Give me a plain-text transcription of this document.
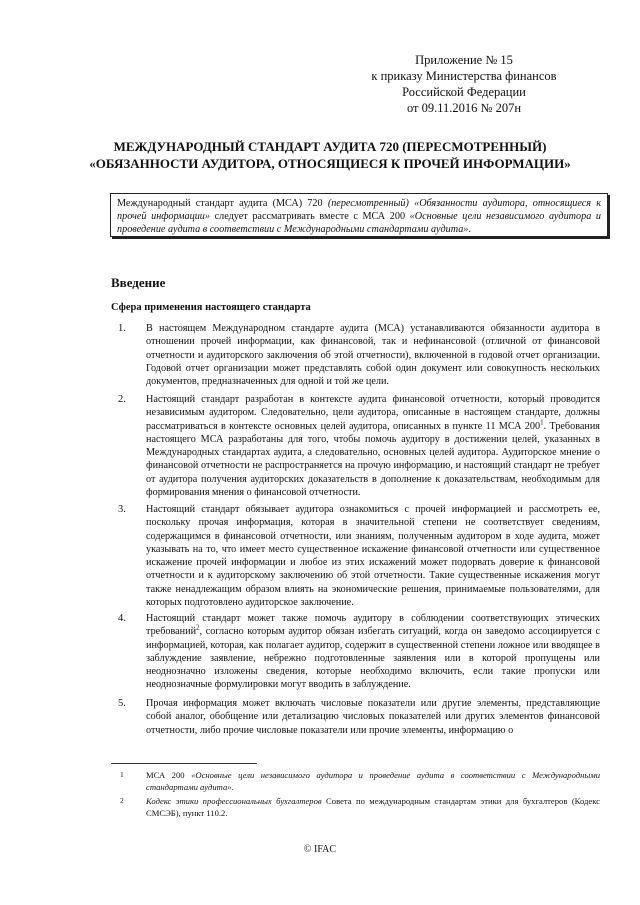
Приложение № 15
к приказу Министерства финансов
Российской Федерации
от 09.11.2016 № 207н
МЕЖДУНАРОДНЫЙ СТАНДАРТ АУДИТА 720 (ПЕРЕСМОТРЕННЫЙ)
«ОБЯЗАННОСТИ АУДИТОРА, ОТНОСЯЩИЕСЯ К ПРОЧЕЙ ИНФОРМАЦИИ»
Международный стандарт аудита (МСА) 720 (пересмотренный) «Обязанности аудитора, относящиеся к прочей информации» следует рассматривать вместе с МСА 200 «Основные цели независимого аудитора и проведение аудита в соответствии с Международными стандартами аудита».
Введение
Сфера применения настоящего стандарта
1. В настоящем Международном стандарте аудита (МСА) устанавливаются обязанности аудитора в отношении прочей информации, как финансовой, так и нефинансовой (отличной от финансовой отчетности и аудиторского заключения об этой отчетности), включенной в годовой отчет организации. Годовой отчет организации может представлять собой один документ или совокупность нескольких документов, предназначенных для одной и той же цели.
2. Настоящий стандарт разработан в контексте аудита финансовой отчетности, который проводится независимым аудитором. Следовательно, цели аудитора, описанные в настоящем стандарте, должны рассматриваться в контексте основных целей аудитора, описанных в пункте 11 МСА $200^1$. Требования настоящего МСА разработаны для того, чтобы помочь аудитору в достижении целей, указанных в Международных стандартах аудита, а следовательно, основных целей аудитора. Аудиторское мнение о финансовой отчетности не распространяется на прочую информацию, и настоящий стандарт не требует от аудитора получения аудиторских доказательств в дополнение к доказательствам, необходимым для формирования мнения о финансовой отчетности.
3. Настоящий стандарт обязывает аудитора ознакомиться с прочей информацией и рассмотреть ее, поскольку прочая информация, которая в значительной степени не соответствует сведениям, содержащимся в финансовой отчетности, или знаниям, полученным аудитором в ходе аудита, может указывать на то, что имеет место существенное искажение финансовой отчетности или существенное искажение прочей информации и любое из этих искажений может подорвать доверие к финансовой отчетности и к аудиторскому заключению об этой отчетности. Такие существенные искажения могут также ненадлежащим образом влиять на экономические решения, принимаемые пользователями, для которых подготовлено аудиторское заключение.
4. Настоящий стандарт может также помочь аудитору в соблюдении соответствующих этических требований$^2$, согласно которым аудитор обязан избегать ситуаций, когда он заведомо ассоциируется с информацией, которая, как полагает аудитор, содержит в существенной степени ложное или вводящее в заблуждение заявление, небрежно подготовленные заявления или в которой пропущены или неоднозначно изложены сведения, которые необходимо включить, если такие пропуски или неоднозначные формулировки могут вводить в заблуждение.
5. Прочая информация может включать числовые показатели или другие элементы, представляющие собой аналог, обобщение или детализацию числовых показателей или других элементов финансовой отчетности, либо прочие числовые показатели или прочие элементы, информацию о
1	МСА 200 «Основные цели независимого аудитора и проведение аудита в соответствии с Международными стандартами аудита».
2	Кодекс этики профессиональных бухгалтеров Совета по международным стандартам этики для бухгалтеров (Кодекс СМСЭБ), пункт 110.2.
© IFAC
